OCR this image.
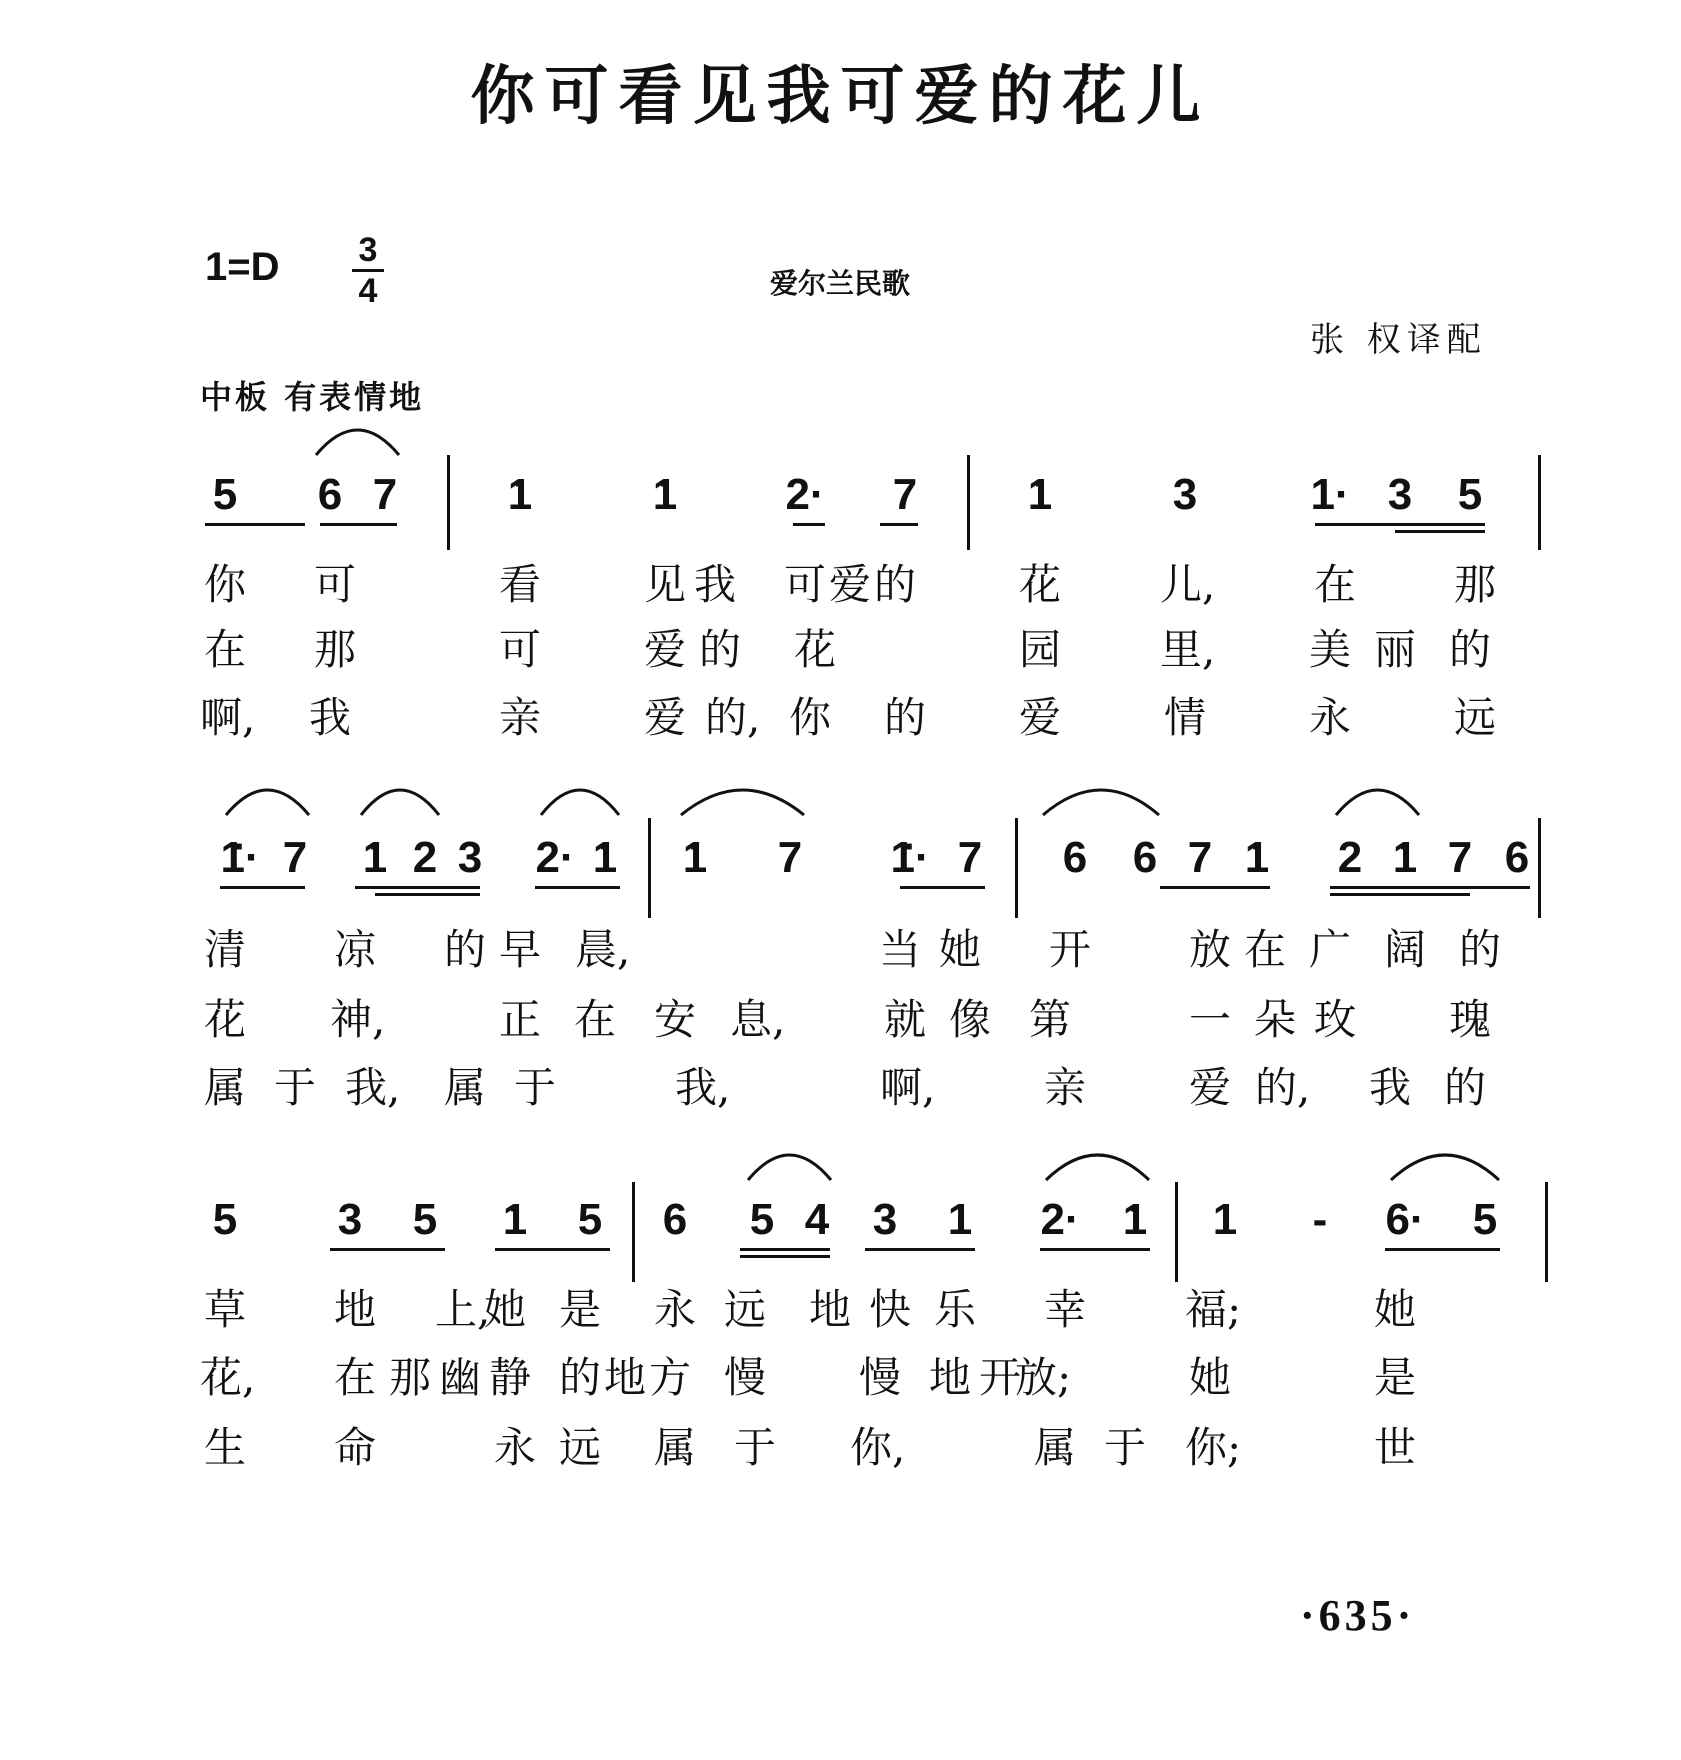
你可看见我可爱的花儿
1=D	3
4	爱尔兰民歌
张 权译配
中板 有表情地
·635·
5 6 7	1
·	1
· 2· 7	1
·	3	1· 3 5
你 可	看 见 我 可 爱 的 花 儿, 在 那
在 那	可 爱 的 花	园 里, 美 丽 的
啊, 我	亲 爱 的, 你 的 爱 情 永 远
1·
· 7 1
· 2 3 2· 1
· 1
· 7 1·
· 7 6 6 7 1
· 2 1
· 7 6
清 凉 的 早 晨,	当 她 开 放 在 广 阔 的
花 神,	正 在 安 息, 就 像 第	一 朵 玫 瑰
属 于 我, 属 于	我,	啊,	亲 爱 的, 我 的
5 3 5 1
· 5 6 5 4 3 1 2· 1
· 1 - 6· 5
草 地 上,
她 是 永 远 地 快 乐 幸 福;	她
花, 在 那 幽 静 的 地 方 慢 慢 地 开
放;	她	是
生 命	永 远 属 于 你,	属 于 你;	世
